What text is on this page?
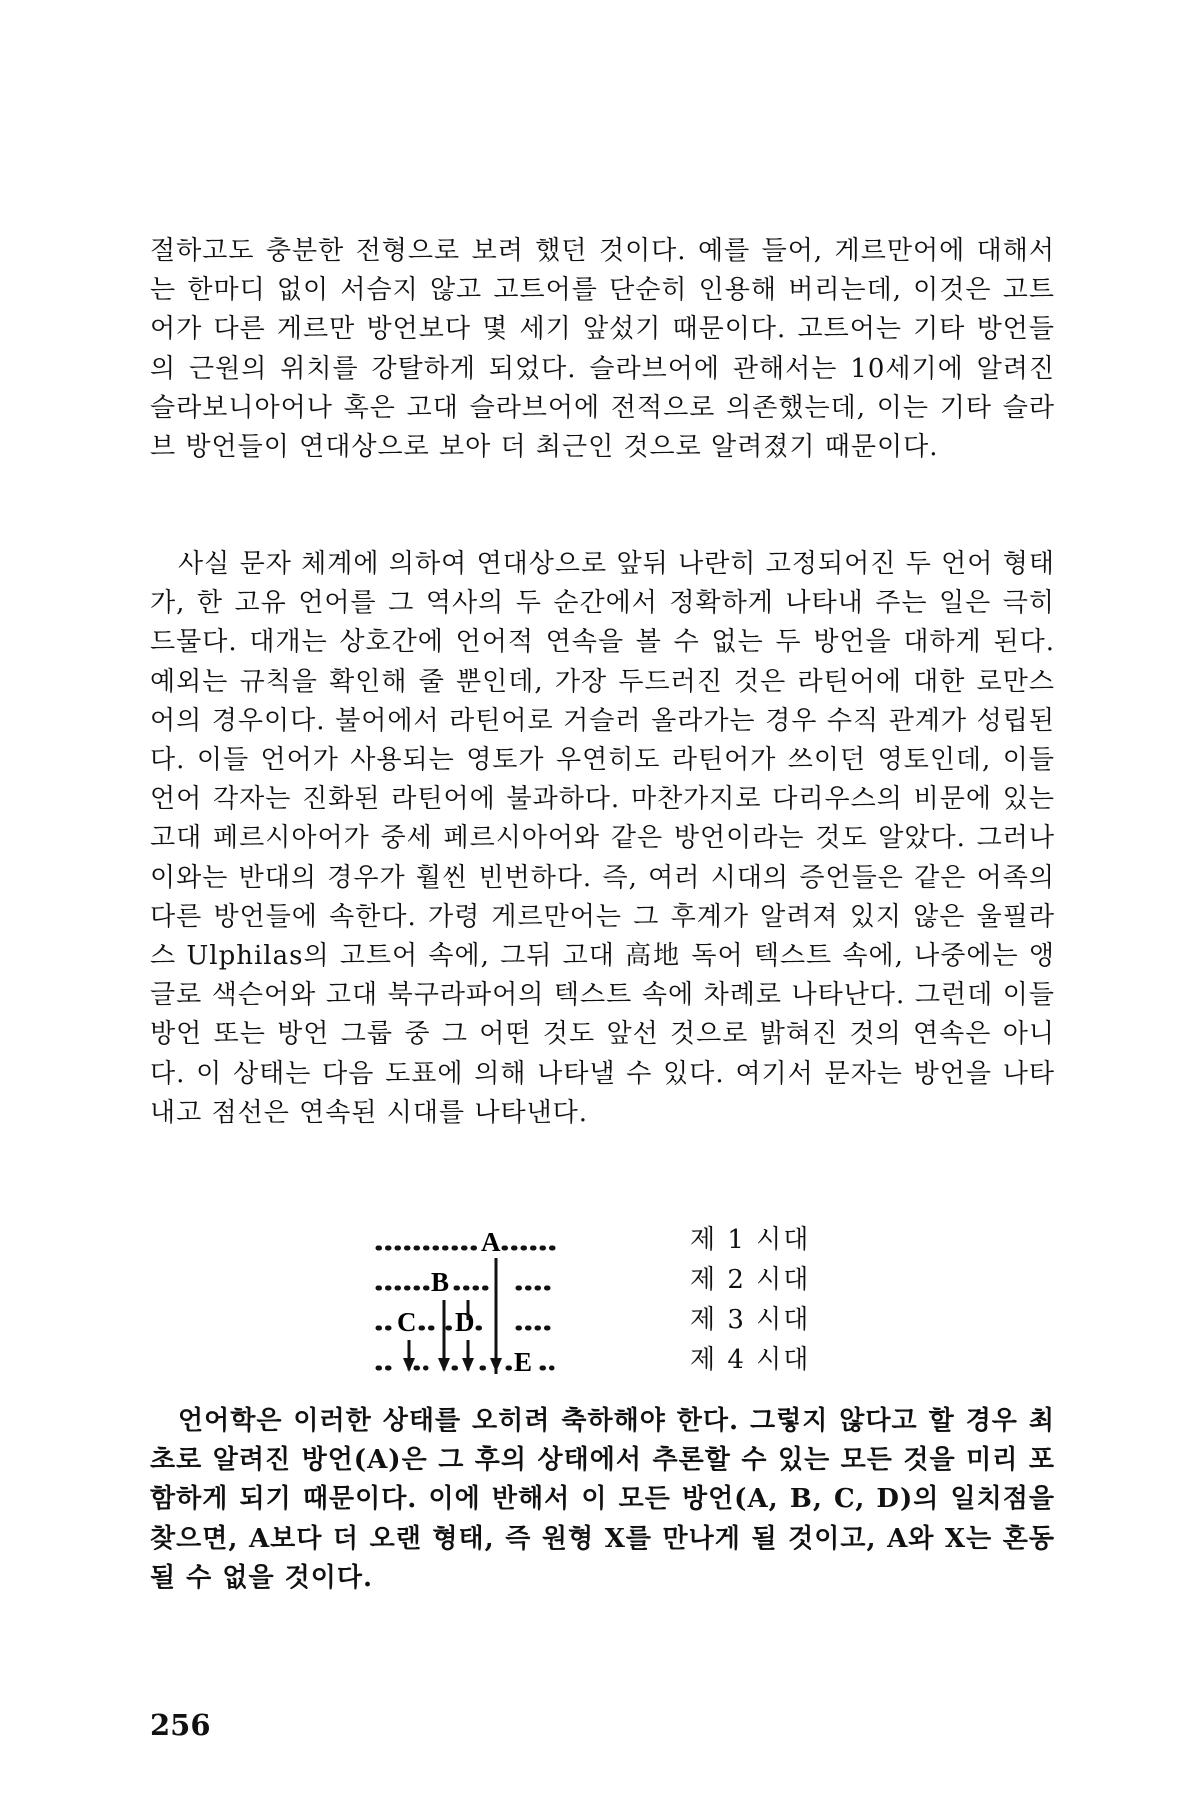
절하고도 충분한 전형으로 보려 했던 것이다. 예를 들어, 게르만어에 대해서는 한마디 없이 서슴지 않고 고트어를 단순히 인용해 버리는데, 이것은 고트어가 다른 게르만 방언보다 몇 세기 앞섰기 때문이다. 고트어는 기타 방언들의 근원의 위치를 강탈하게 되었다. 슬라브어에 관해서는 10세기에 알려진 슬라보니아어나 혹은 고대 슬라브어에 전적으로 의존했는데, 이는 기타 슬라브 방언들이 연대상으로 보아 더 최근인 것으로 알려졌기 때문이다.

사실 문자 체계에 의하여 연대상으로 앞뒤 나란히 고정되어진 두 언어 형태가, 한 고유 언어를 그 역사의 두 순간에서 정확하게 나타내 주는 일은 극히 드물다. 대개는 상호간에 언어적 연속을 볼 수 없는 두 방언을 대하게 된다. 예외는 규칙을 확인해 줄 뿐인데, 가장 두드러진 것은 라틴어에 대한 로만스어의 경우이다. 불어에서 라틴어로 거슬러 올라가는 경우 수직 관계가 성립된다. 이들 언어가 사용되는 영토가 우연히도 라틴어가 쓰이던 영토인데, 이들 언어 각자는 진화된 라틴어에 불과하다. 마찬가지로 다리우스의 비문에 있는 고대 페르시아어가 중세 페르시아어와 같은 방언이라는 것도 알았다. 그러나 이와는 반대의 경우가 훨씬 빈번하다. 즉, 여러 시대의 증언들은 같은 어족의 다른 방언들에 속한다. 가령 게르만어는 그 후계가 알려져 있지 않은 울필라스 Ulphilas의 고트어 속에, 그뒤 고대 高地 독어 텍스트 속에, 나중에는 앵글로 색슨어와 고대 북구라파어의 텍스트 속에 차례로 나타난다. 그런데 이들 방언 또는 방언 그룹 중 그 어떤 것도 앞선 것으로 밝혀진 것의 연속은 아니다. 이 상태는 다음 도표에 의해 나타낼 수 있다. 여기서 문자는 방언을 나타내고 점선은 연속된 시대를 나타낸다.

A
B
C D
E
제 1 시대
제 2 시대
제 3 시대
제 4 시대

언어학은 이러한 상태를 오히려 축하해야 한다. 그렇지 않다고 할 경우 최초로 알려진 방언(A)은 그 후의 상태에서 추론할 수 있는 모든 것을 미리 포함하게 되기 때문이다. 이에 반해서 이 모든 방언(A, B, C, D)의 일치점을 찾으면, A보다 더 오랜 형태, 즉 원형 X를 만나게 될 것이고, A와 X는 혼동될 수 없을 것이다.

256
